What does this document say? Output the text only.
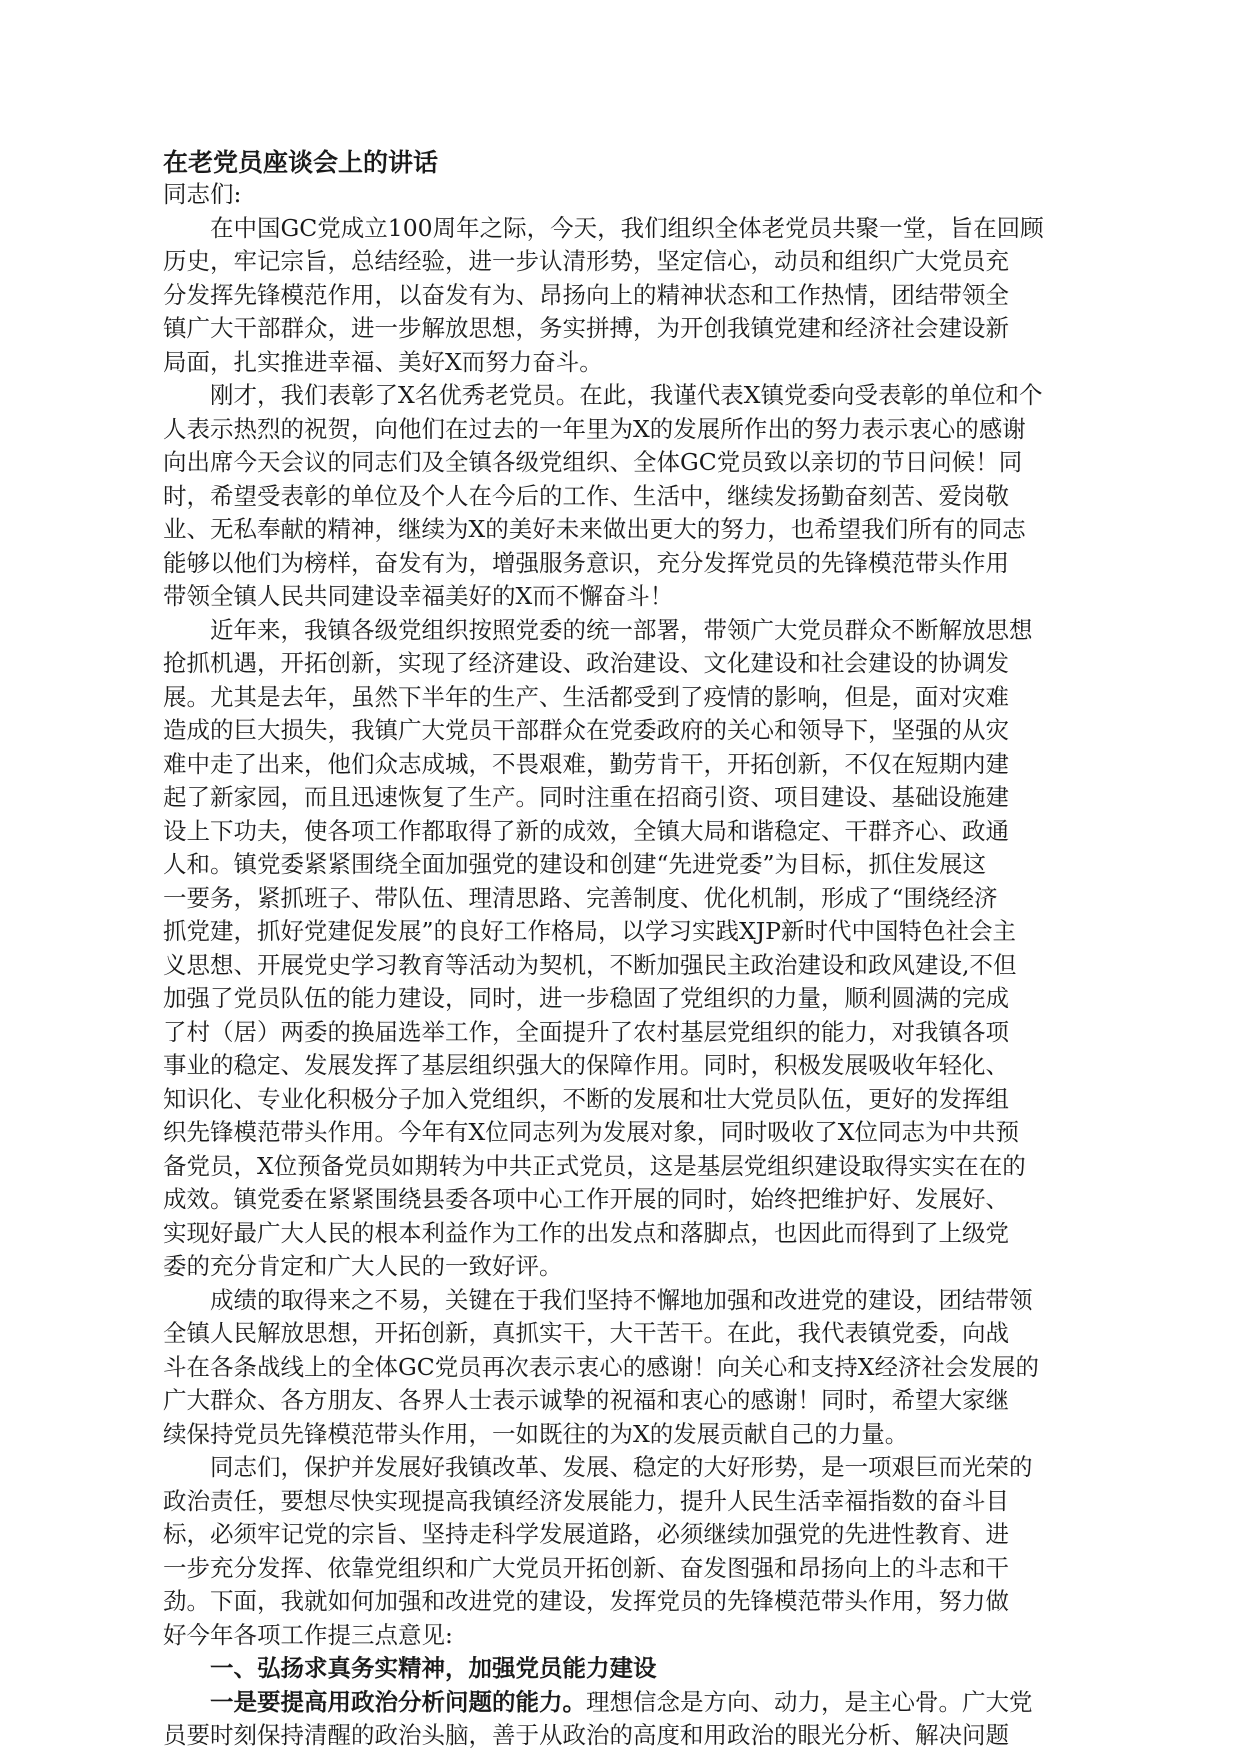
在老党员座谈会上的讲话

同志们:

在中国GC党成立100周年之际，今天，我们组织全体老党员共聚一堂，旨在回顾
历史，牢记宗旨，总结经验，进一步认清形势，坚定信心，动员和组织广大党员充
分发挥先锋模范作用，以奋发有为、昂扬向上的精神状态和工作热情，团结带领全
镇广大干部群众，进一步解放思想，务实拼搏，为开创我镇党建和经济社会建设新
局面，扎实推进幸福、美好X而努力奋斗。

刚才，我们表彰了X名优秀老党员。在此，我谨代表X镇党委向受表彰的单位和个
人表示热烈的祝贺，向他们在过去的一年里为X的发展所作出的努力表示衷心的感谢
向出席今天会议的同志们及全镇各级党组织、全体GC党员致以亲切的节日问候！同
时，希望受表彰的单位及个人在今后的工作、生活中，继续发扬勤奋刻苦、爱岗敬
业、无私奉献的精神，继续为X的美好未来做出更大的努力，也希望我们所有的同志
能够以他们为榜样，奋发有为，增强服务意识，充分发挥党员的先锋模范带头作用
带领全镇人民共同建设幸福美好的X而不懈奋斗！

近年来，我镇各级党组织按照党委的统一部署，带领广大党员群众不断解放思想
抢抓机遇，开拓创新，实现了经济建设、政治建设、文化建设和社会建设的协调发
展。尤其是去年，虽然下半年的生产、生活都受到了疫情的影响，但是，面对灾难
造成的巨大损失，我镇广大党员干部群众在党委政府的关心和领导下，坚强的从灾
难中走了出来，他们众志成城，不畏艰难，勤劳肯干，开拓创新，不仅在短期内建
起了新家园，而且迅速恢复了生产。同时注重在招商引资、项目建设、基础设施建
设上下功夫，使各项工作都取得了新的成效，全镇大局和谐稳定、干群齐心、政通
人和。镇党委紧紧围绕全面加强党的建设和创建“先进党委”为目标，抓住发展这
一要务，紧抓班子、带队伍、理清思路、完善制度、优化机制，形成了“围绕经济
抓党建，抓好党建促发展”的良好工作格局，以学习实践XJP新时代中国特色社会主
义思想、开展党史学习教育等活动为契机，不断加强民主政治建设和政风建设,不但
加强了党员队伍的能力建设，同时，进一步稳固了党组织的力量，顺利圆满的完成
了村（居）两委的换届选举工作，全面提升了农村基层党组织的能力，对我镇各项
事业的稳定、发展发挥了基层组织强大的保障作用。同时，积极发展吸收年轻化、
知识化、专业化积极分子加入党组织，不断的发展和壮大党员队伍，更好的发挥组
织先锋模范带头作用。今年有X位同志列为发展对象，同时吸收了X位同志为中共预
备党员，X位预备党员如期转为中共正式党员，这是基层党组织建设取得实实在在的
成效。镇党委在紧紧围绕县委各项中心工作开展的同时，始终把维护好、发展好、
实现好最广大人民的根本利益作为工作的出发点和落脚点，也因此而得到了上级党
委的充分肯定和广大人民的一致好评。

成绩的取得来之不易，关键在于我们坚持不懈地加强和改进党的建设，团结带领
全镇人民解放思想，开拓创新，真抓实干，大干苦干。在此，我代表镇党委，向战
斗在各条战线上的全体GC党员再次表示衷心的感谢！向关心和支持X经济社会发展的
广大群众、各方朋友、各界人士表示诚挚的祝福和衷心的感谢！同时，希望大家继
续保持党员先锋模范带头作用，一如既往的为X的发展贡献自己的力量。

同志们，保护并发展好我镇改革、发展、稳定的大好形势，是一项艰巨而光荣的
政治责任，要想尽快实现提高我镇经济发展能力，提升人民生活幸福指数的奋斗目
标，必须牢记党的宗旨、坚持走科学发展道路，必须继续加强党的先进性教育、进
一步充分发挥、依靠党组织和广大党员开拓创新、奋发图强和昂扬向上的斗志和干
劲。下面，我就如何加强和改进党的建设，发挥党员的先锋模范带头作用，努力做
好今年各项工作提三点意见:

一、弘扬求真务实精神，加强党员能力建设

一是要提高用政治分析问题的能力。理想信念是方向、动力，是主心骨。广大党
员要时刻保持清醒的政治头脑，善于从政治的高度和用政治的眼光分析、解决问题
